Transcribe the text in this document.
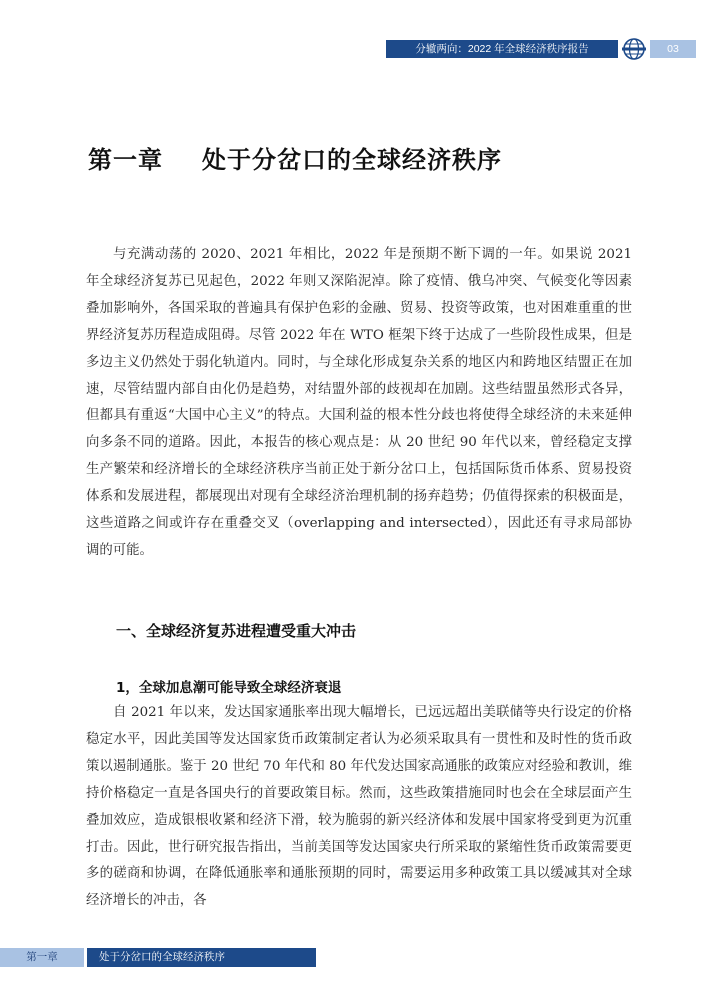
分辙两向：2022 年全球经济秩序报告	03
第一章 处于分岔口的全球经济秩序

与充满动荡的 2020、2021 年相比，2022 年是预期不断下调的一年。如果说 2021 年全球经济复苏已见起色，2022 年则又深陷泥淖。除了疫情、俄乌冲突、气候变化等因素叠加影响外，各国采取的普遍具有保护色彩的金融、贸易、投资等政策，也对困难重重的世界经济复苏历程造成阻碍。尽管 2022 年在 WTO 框架下终于达成了一些阶段性成果，但是多边主义仍然处于弱化轨道内。同时，与全球化形成复杂关系的地区内和跨地区结盟正在加速，尽管结盟内部自由化仍是趋势，对结盟外部的歧视却在加剧。这些结盟虽然形式各异，但都具有重返“大国中心主义”的特点。大国利益的根本性分歧也将使得全球经济的未来延伸向多条不同的道路。因此，本报告的核心观点是：从 20 世纪 90 年代以来，曾经稳定支撑生产繁荣和经济增长的全球经济秩序当前正处于新分岔口上，包括国际货币体系、贸易投资体系和发展进程，都展现出对现有全球经济治理机制的扬弃趋势；仍值得探索的积极面是，这些道路之间或许存在重叠交叉（overlapping and intersected），因此还有寻求局部协调的可能。

一、全球经济复苏进程遭受重大冲击
1，全球加息潮可能导致全球经济衰退

自 2021 年以来，发达国家通胀率出现大幅增长，已远远超出美联储等央行设定的价格稳定水平，因此美国等发达国家货币政策制定者认为必须采取具有一贯性和及时性的货币政策以遏制通胀。鉴于 20 世纪 70 年代和 80 年代发达国家高通胀的政策应对经验和教训，维持价格稳定一直是各国央行的首要政策目标。然而，这些政策措施同时也会在全球层面产生叠加效应，造成银根收紧和经济下滑，较为脆弱的新兴经济体和发展中国家将受到更为沉重打击。因此，世行研究报告指出，当前美国等发达国家央行所采取的紧缩性货币政策需要更多的磋商和协调，在降低通胀率和通胀预期的同时，需要运用多种政策工具以缓减其对全球经济增长的冲击，各

第一章	处于分岔口的全球经济秩序
